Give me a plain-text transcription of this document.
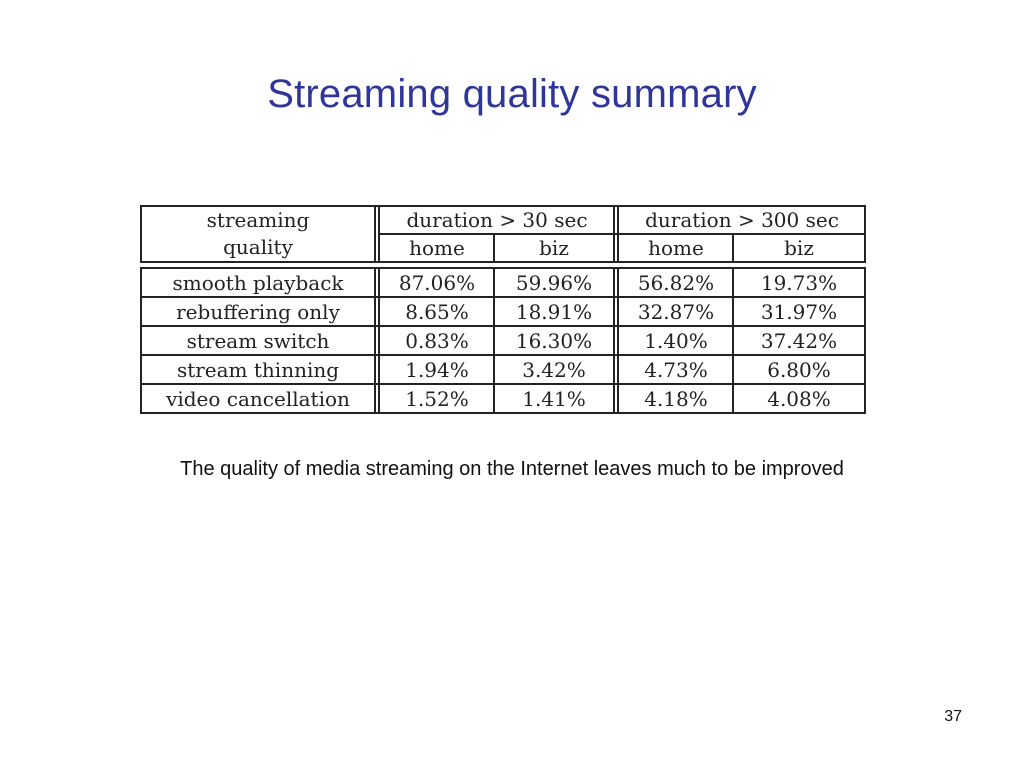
Streaming quality summary
streaming
quality
duration > 30 sec	duration > 300 sec
home	biz	home	biz
smooth playback	87.06%	59.96%	56.82%	19.73%
rebuffering only	8.65%	18.91%	32.87%	31.97%
stream switch	0.83%	16.30%	1.40%	37.42%
stream thinning	1.94%	3.42%	4.73%	6.80%
video cancellation	1.52%	1.41%	4.18%	4.08%
The quality of media streaming on the Internet leaves much to be improved
37
